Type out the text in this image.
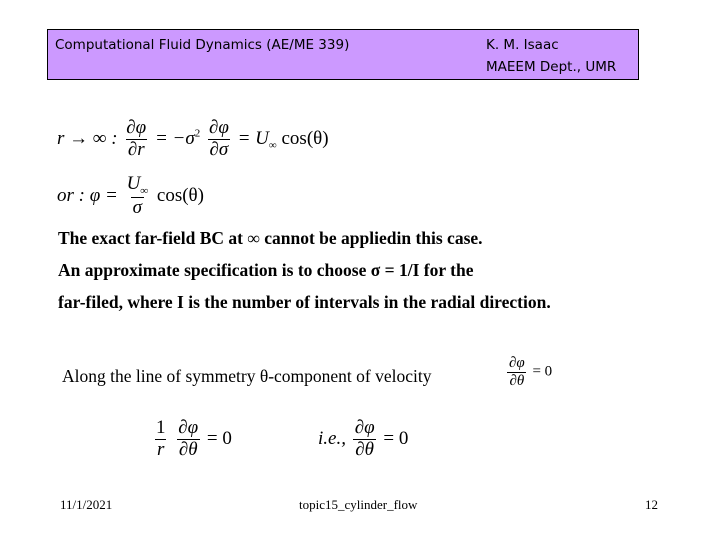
Computational Fluid Dynamics (AE/ME 339)	K. M. Isaac
MAEEM Dept., UMR
r → ∞ : $\frac{\partial\varphi}{\partial r} = -\sigma^2 \frac{\partial\varphi}{\partial\sigma} = U_\infty$ cos(θ)
or : $\varphi = \frac{U_\infty}{\sigma} \cos(\theta)$
The exact far-field BC at ∞ cannot be appliedin this case.
An approximate specification is to choose σ = 1/I for the
far-filed, where I is the number of intervals in the radial direction.
Along the line of symmetry θ-component of velocity	$\frac{\partial\varphi}{\partial\theta} = 0$
$\frac{1}{r}$
$\frac{\partial\varphi}{\partial\theta} = 0$	i.e., $\frac{\partial\varphi}{\partial\theta} = 0$
11/1/2021	topic15_cylinder_flow	12
